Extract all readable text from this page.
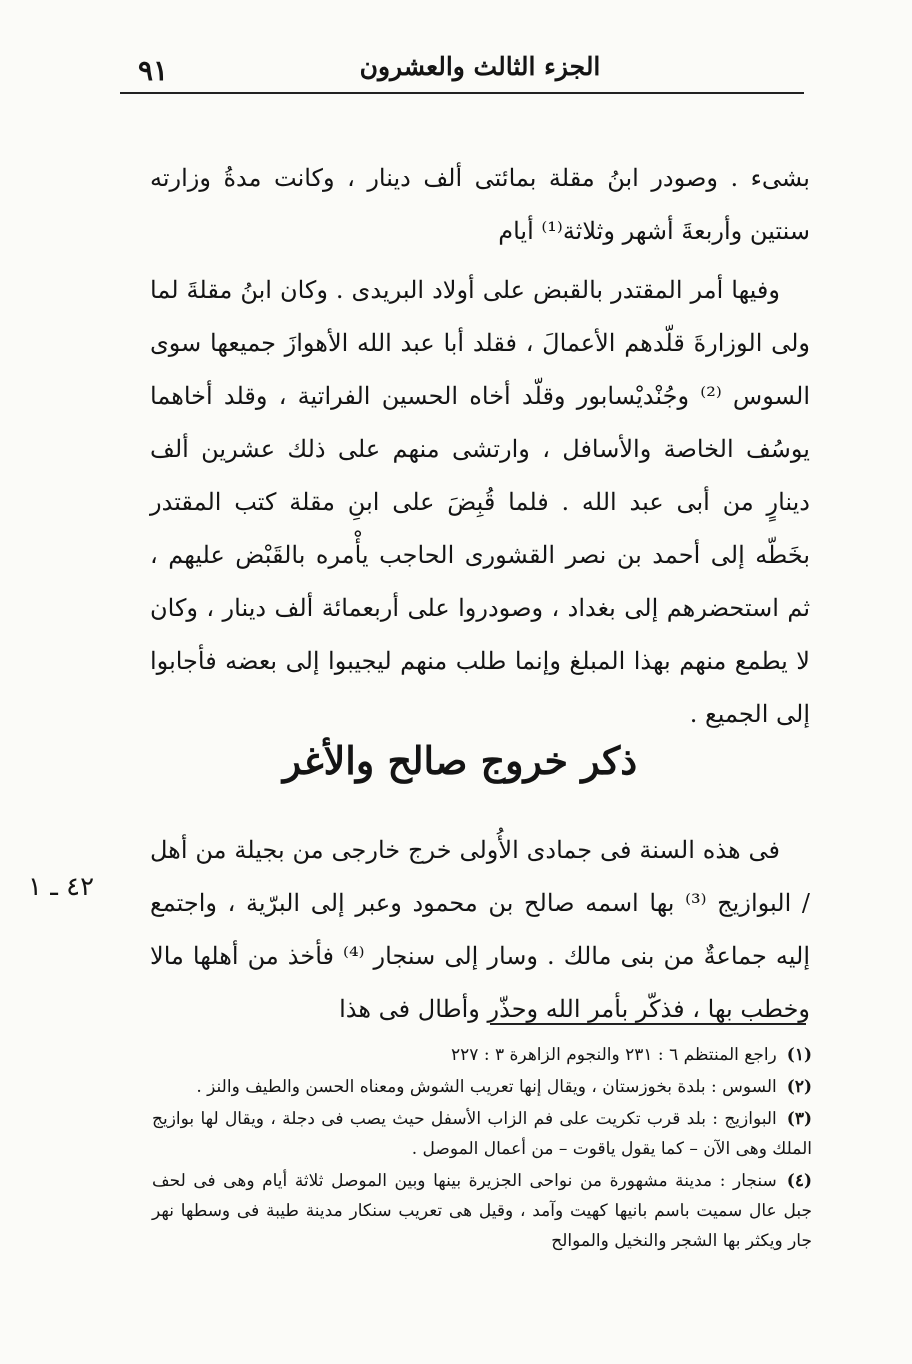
الجزء الثالث والعشرون
٩١

بشىء . وصودر ابنُ مقلة بمائتى ألف دينار ، وكانت مدةُ وزارته سنتين وأربعةَ أشهر وثلاثة⁽¹⁾ أيام

وفيها أمر المقتدر بالقبض على أولاد البريدى . وكان ابنُ مقلةَ لما ولى الوزارةَ قلّدهم الأعمالَ ، فقلد أبا عبد الله الأهوازَ جميعها سوى السوس ⁽²⁾ وجُنْديْسابور وقلّد أخاه الحسين الفراتية ، وقلد أخاهما يوسُف الخاصة والأسافل ، وارتشى منهم على ذلك عشرين ألف دينارٍ من أبى عبد الله . فلما قُبِضَ على ابنِ مقلة كتب المقتدر بخَطّه إلى أحمد بن نصر القشورى الحاجب يأْمره بالقَبْض عليهم ، ثم استحضرهم إلى بغداد ، وصودروا على أربعمائة ألف دينار ، وكان لا يطمع منهم بهذا المبلغ وإنما طلب منهم ليجيبوا إلى بعضه فأجابوا إلى الجميع .

ذكر خروج صالح والأغر

فى هذه السنة فى جمادى الأُولى خرج خارجى من بجيلة من أهل / البوازيج ⁽³⁾ بها اسمه صالح بن محمود وعبر إلى البرّية ، واجتمع إليه جماعةٌ من بنى مالك . وسار إلى سنجار ⁽⁴⁾ فأخذ من أهلها مالا وخطب بها ، فذكّر بأمر الله وحذّر وأطال فى هذا

٤٢ ـ ١
(١)راجع المنتظم ٦ : ٢٣١ والنجوم الزاهرة ٣ : ٢٢٧
(٢)السوس : بلدة بخوزستان ، ويقال إنها تعريب الشوش ومعناه الحسن والطيف والنز .
(٣)البوازيج : بلد قرب تكريت على فم الزاب الأسفل حيث يصب فى دجلة ، ويقال لها بوازيج الملك وهى الآن – كما يقول ياقوت – من أعمال الموصل .
(٤)سنجار : مدينة مشهورة من نواحى الجزيرة بينها وبين الموصل ثلاثة أيام وهى فى لحف جبل عال سميت باسم بانيها كهيت وآمد ، وقيل هى تعريب سنكار مدينة طيبة فى وسطها نهر جار ويكثر بها الشجر والنخيل والموالح
